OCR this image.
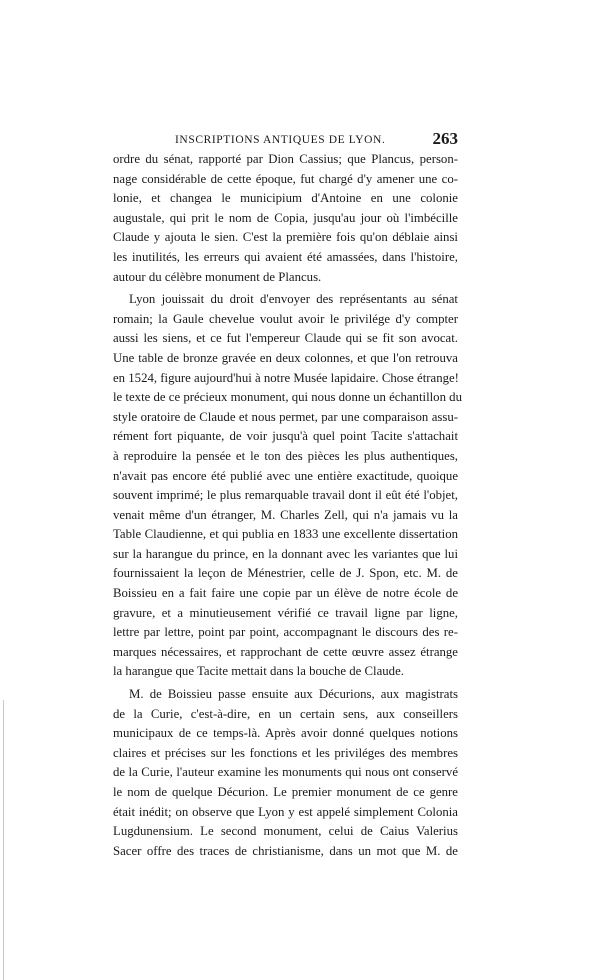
INSCRIPTIONS ANTIQUES DE LYON.	263

ordre du sénat, rapporté par Dion Cassius; que Plancus, person-
nage considérable de cette époque, fut chargé d'y amener une co-
lonie, et changea le municipium d'Antoine en une colonie
augustale, qui prit le nom de Copia, jusqu'au jour où l'imbécille
Claude y ajouta le sien. C'est la première fois qu'on déblaie ainsi
les inutilités, les erreurs qui avaient été amassées, dans l'histoire,
autour du célèbre monument de Plancus.

Lyon jouissait du droit d'envoyer des représentants au sénat
romain; la Gaule chevelue voulut avoir le privilége d'y compter
aussi les siens, et ce fut l'empereur Claude qui se fit son avocat.
Une table de bronze gravée en deux colonnes, et que l'on retrouva
en 1524, figure aujourd'hui à notre Musée lapidaire. Chose étrange!
le texte de ce précieux monument, qui nous donne un échantillon du
style oratoire de Claude et nous permet, par une comparaison assu-
rément fort piquante, de voir jusqu'à quel point Tacite s'attachait
à reproduire la pensée et le ton des pièces les plus authentiques,
n'avait pas encore été publié avec une entière exactitude, quoique
souvent imprimé; le plus remarquable travail dont il eût été l'objet,
venait même d'un étranger, M. Charles Zell, qui n'a jamais vu la
Table Claudienne, et qui publia en 1833 une excellente dissertation
sur la harangue du prince, en la donnant avec les variantes que lui
fournissaient la leçon de Ménestrier, celle de J. Spon, etc. M. de
Boissieu en a fait faire une copie par un élève de notre école de
gravure, et a minutieusement vérifié ce travail ligne par ligne,
lettre par lettre, point par point, accompagnant le discours des re-
marques nécessaires, et rapprochant de cette œuvre assez étrange
la harangue que Tacite mettait dans la bouche de Claude.

M. de Boissieu passe ensuite aux Décurions, aux magistrats
de la Curie, c'est-à-dire, en un certain sens, aux conseillers
municipaux de ce temps-là. Après avoir donné quelques notions
claires et précises sur les fonctions et les priviléges des membres
de la Curie, l'auteur examine les monuments qui nous ont conservé
le nom de quelque Décurion. Le premier monument de ce genre
était inédit; on observe que Lyon y est appelé simplement Colonia
Lugdunensium. Le second monument, celui de Caius Valerius
Sacer offre des traces de christianisme, dans un mot que M. de
